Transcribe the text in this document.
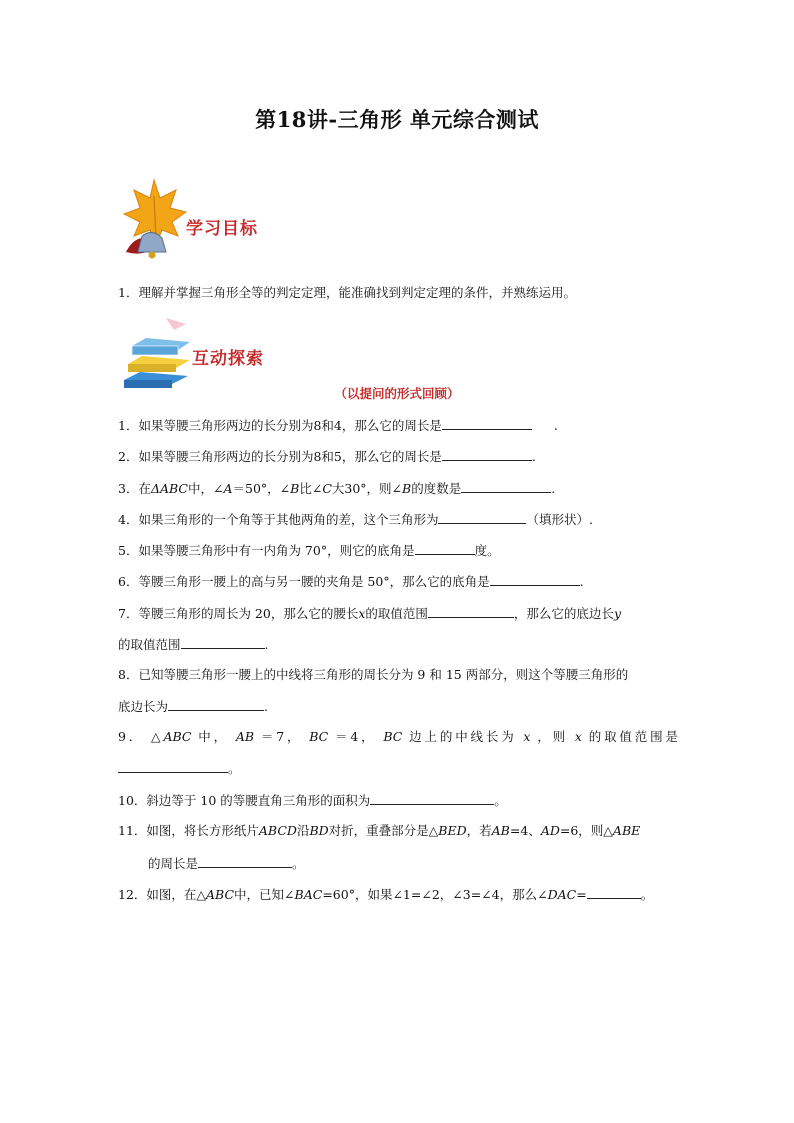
第18讲-三角形 单元综合测试
学习目标
1．理解并掌握三角形全等的判定定理，能准确找到判定定理的条件，并熟练运用。
互动探索
（以提问的形式回顾）
1．如果等腰三角形两边的长分别为8和4，那么它的周长是	.
2．如果等腰三角形两边的长分别为8和5，那么它的周长是	.
3．在ΔABC中，∠A＝50°，∠B比∠C大30°，则∠B的度数是	.
4．如果三角形的一个角等于其他两角的差，这个三角形为	（填形状）.
5．如果等腰三角形中有一内角为 70°，则它的底角是	度。
6．等腰三角形一腰上的高与另一腰的夹角是 50°，那么它的底角是	.
7．等腰三角形的周长为 20，那么它的腰长x的取值范围	，那么它的底边长y
的取值范围	.
8．已知等腰三角形一腰上的中线将三角形的周长分为 9 和 15 两部分，则这个等腰三角形的
底边长为	.
9． △ABC 中， AB ＝7， BC ＝4， BC 边上的中线长为 x ，则 x 的取值范围是
。
10．斜边等于 10 的等腰直角三角形的面积为	。
11．如图，将长方形纸片ABCD沿BD对折，重叠部分是△BED，若AB=4、AD=6，则△ABE
的周长是	。
12．如图，在△ABC中，已知∠BAC=60°，如果∠1=∠2，∠3=∠4，那么∠DAC=	。
